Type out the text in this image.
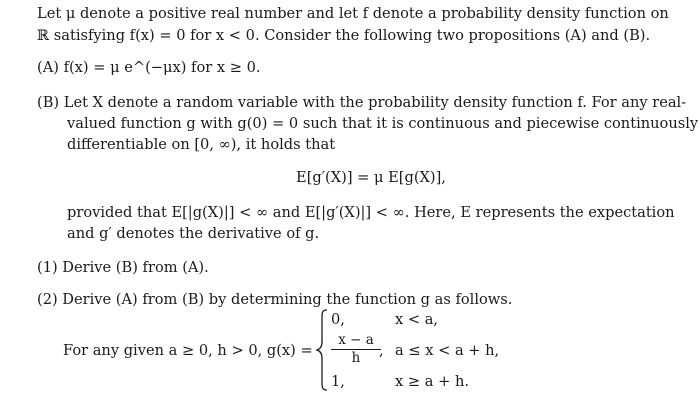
Let μ denote a positive real number and let f denote a probability density function on
ℝ satisfying f(x) = 0 for x < 0. Consider the following two propositions (A) and (B).
(A) f(x) = μ e^(−μx) for x ≥ 0.
(B) Let X denote a random variable with the probability density function f. For any real-
valued function g with g(0) = 0 such that it is continuous and piecewise continuously
differentiable on [0, ∞), it holds that
E[g′(X)] = μ E[g(X)],
provided that E[|g(X)|] < ∞ and E[|g′(X)|] < ∞. Here, E represents the expectation
and g′ denotes the derivative of g.
(1) Derive (B) from (A).
(2) Derive (A) from (B) by determining the function g as follows.
For any given a ≥ 0, h > 0, g(x) =
0,	x < a,
$\frac{x - a}{h}$
, a ≤ x < a + h,
1,	x ≥ a + h.
